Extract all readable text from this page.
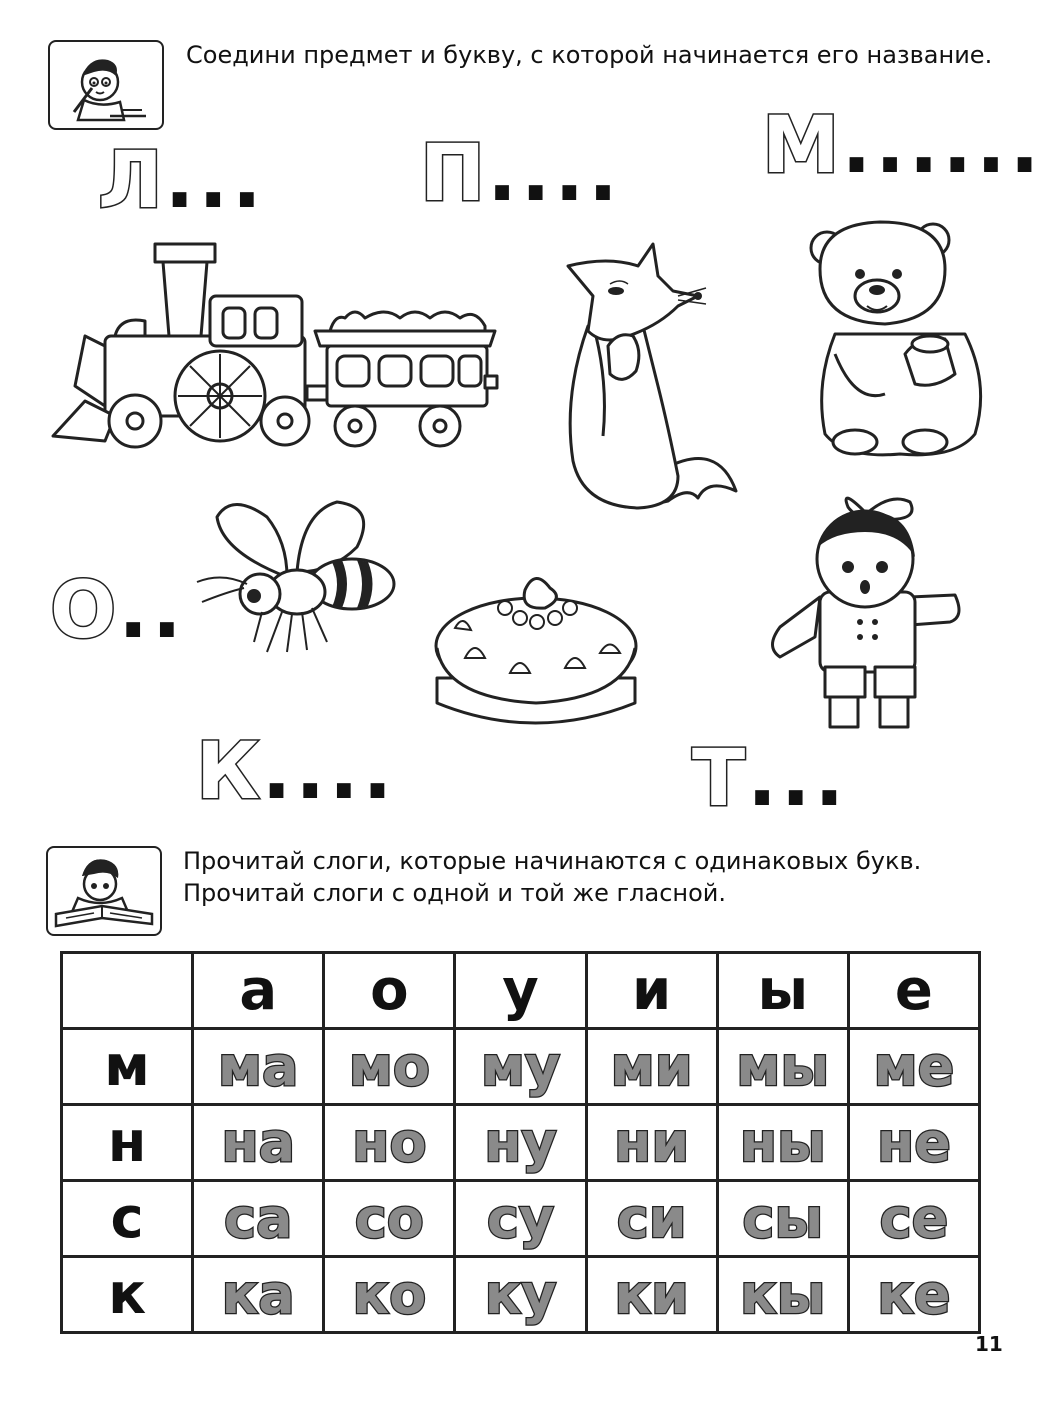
Соедини предмет и букву, с которой начинается его название.
Л... П.... М......
О..
К....	Т...
Прочитай слоги, которые начинаются с одинаковых букв.
Прочитай слоги с одной и той же гласной.
	а	о	у	и	ы	е
м	ма	мо	му	ми	мы	ме
н	на	но	ну	ни	ны	не
с	са	со	су	си	сы	се
к	ка	ко	ку	ки	кы	ке
11
